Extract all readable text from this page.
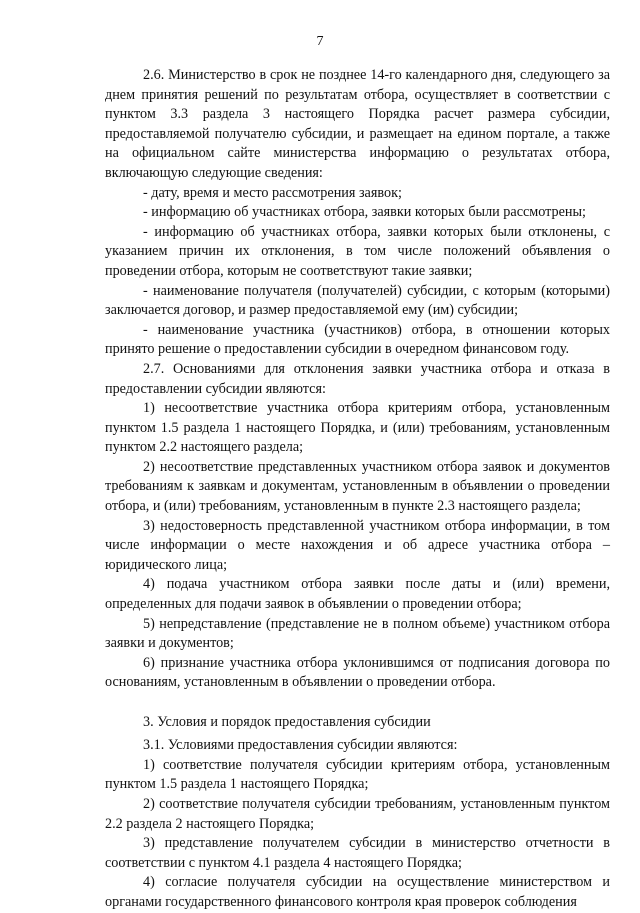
7

2.6. Министерство в срок не позднее 14-го календарного дня, следующего за днем принятия решений по результатам отбора, осуществляет в соответствии с пунктом 3.3 раздела 3 настоящего Порядка расчет размера субсидии, предоставляемой получателю субсидии, и размещает на едином портале, а также на официальном сайте министерства информацию о результатах отбора, включающую следующие сведения:

- дату, время и место рассмотрения заявок;

- информацию об участниках отбора, заявки которых были рассмотрены;

- информацию об участниках отбора, заявки которых были отклонены, с указанием причин их отклонения, в том числе положений объявления о проведении отбора, которым не соответствуют такие заявки;

- наименование получателя (получателей) субсидии, с которым (которыми) заключается договор, и размер предоставляемой ему (им) субсидии;

- наименование участника (участников) отбора, в отношении которых принято решение о предоставлении субсидии в очередном финансовом году.

2.7. Основаниями для отклонения заявки участника отбора и отказа в предоставлении субсидии являются:

1) несоответствие участника отбора критериям отбора, установленным пунктом 1.5 раздела 1 настоящего Порядка, и (или) требованиям, установленным пунктом 2.2 настоящего раздела;

2) несоответствие представленных участником отбора заявок и документов требованиям к заявкам и документам, установленным в объявлении о проведении отбора, и (или) требованиям, установленным в пункте 2.3 настоящего раздела;

3) недостоверность представленной участником отбора информации, в том числе информации о месте нахождения и об адресе участника отбора – юридического лица;

4) подача участником отбора заявки после даты и (или) времени, определенных для подачи заявок в объявлении о проведении отбора;

5) непредставление (представление не в полном объеме) участником отбора заявки и документов;

6) признание участника отбора уклонившимся от подписания договора по основаниям, установленным в объявлении о проведении отбора.

3. Условия и порядок предоставления субсидии

3.1. Условиями предоставления субсидии являются:

1) соответствие получателя субсидии критериям отбора, установленным пунктом 1.5 раздела 1 настоящего Порядка;

2) соответствие получателя субсидии требованиям, установленным пунктом 2.2 раздела 2 настоящего Порядка;

3) представление получателем субсидии в министерство отчетности в соответствии с пунктом 4.1 раздела 4 настоящего Порядка;

4) согласие получателя субсидии на осуществление министерством и органами государственного финансового контроля края проверок соблюдения
